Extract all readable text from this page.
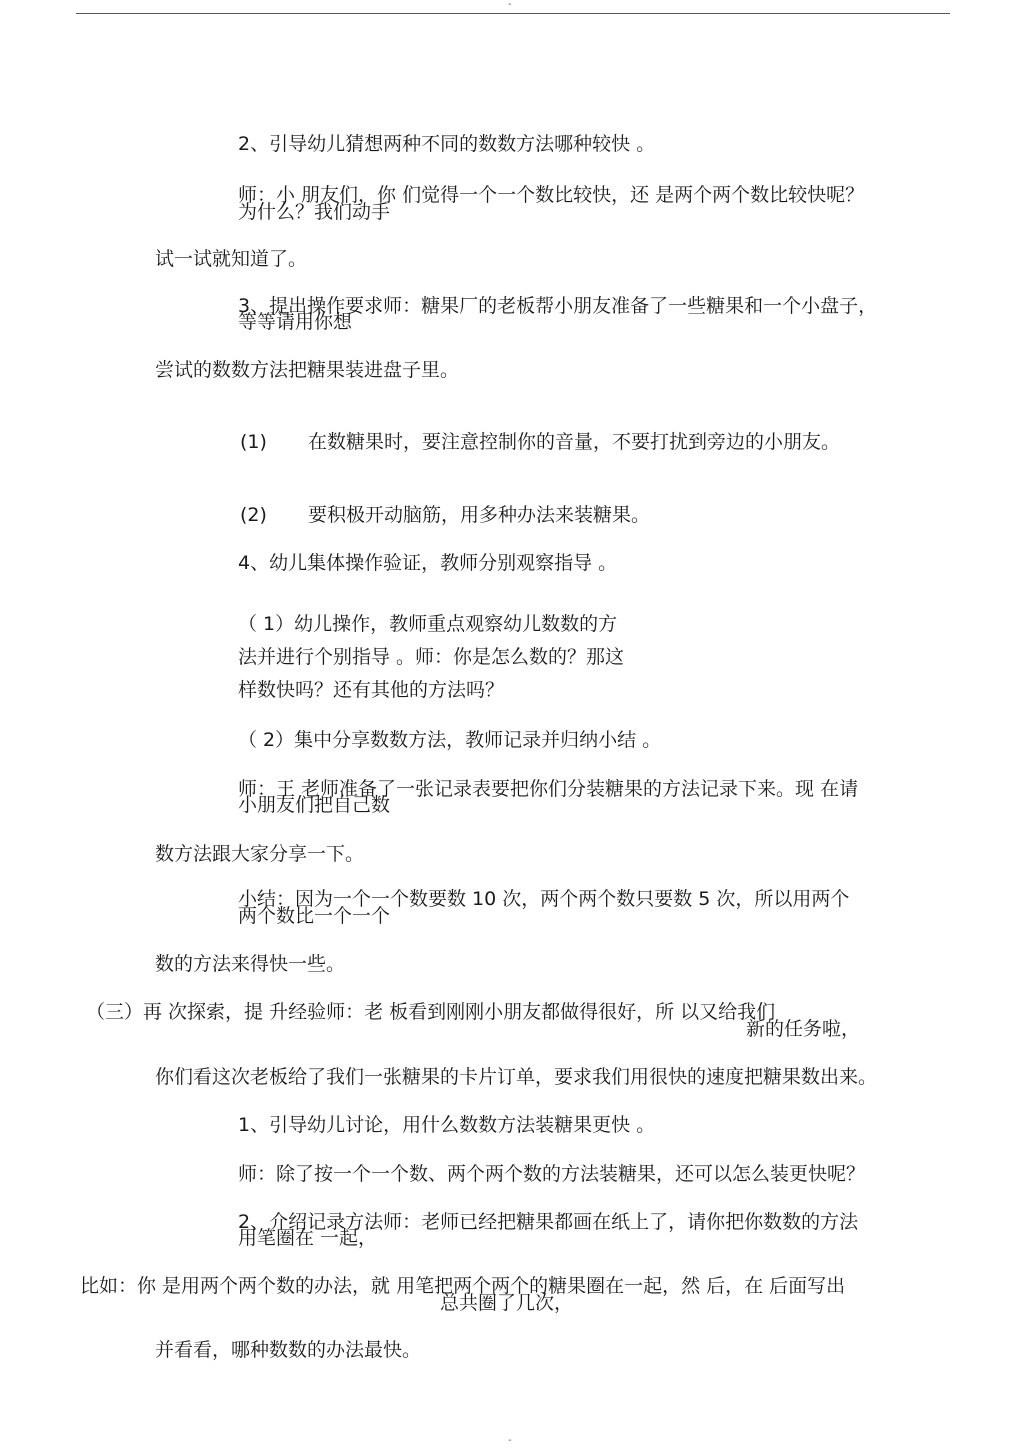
-
2、引导幼儿猜想两种不同的数数方法哪种较快 。
师：小 朋友们，你 们觉得一个一个数比较快，还 是两个两个数比较快呢？
为什么？我们动手
试一试就知道了。
3、提出操作要求师：糖果厂的老板帮小朋友准备了一些糖果和一个小盘子，
等等请用你想
尝试的数数方法把糖果装进盘子里。
(1) 在数糖果时，要注意控制你的音量，不要打扰到旁边的小朋友。
(2) 要积极开动脑筋，用多种办法来装糖果。
4、幼儿集体操作验证，教师分别观察指导 。
（ 1）幼儿操作，教师重点观察幼儿数数的方
法并进行个别指导 。师：你是怎么数的？那这
样数快吗？还有其他的方法吗？
（ 2）集中分享数数方法，教师记录并归纳小结 。
师：王 老师准备了一张记录表要把你们分装糖果的方法记录下来。现 在请
小朋友们把自己数
数方法跟大家分享一下。
小结：因为一个一个数要数 10 次，两个两个数只要数 5 次，所以用两个
两个数比一个一个
数的方法来得快一些。
（三）再 次探索，提 升经验师：老 板看到刚刚小朋友都做得很好，所 以又给我们
新的任务啦，
你们看这次老板给了我们一张糖果的卡片订单，要求我们用很快的速度把糖果数出来。
1、引导幼儿讨论，用什么数数方法装糖果更快 。
师：除了按一个一个数、两个两个数的方法装糖果，还可以怎么装更快呢？
2、介绍记录方法师：老师已经把糖果都画在纸上了，请你把你数数的方法
用笔圈在 一起，
比如：你 是用两个两个数的办法，就 用笔把两个两个的糖果圈在一起，然 后，在 后面写出
总共圈了几次，
并看看，哪种数数的办法最快。
-
